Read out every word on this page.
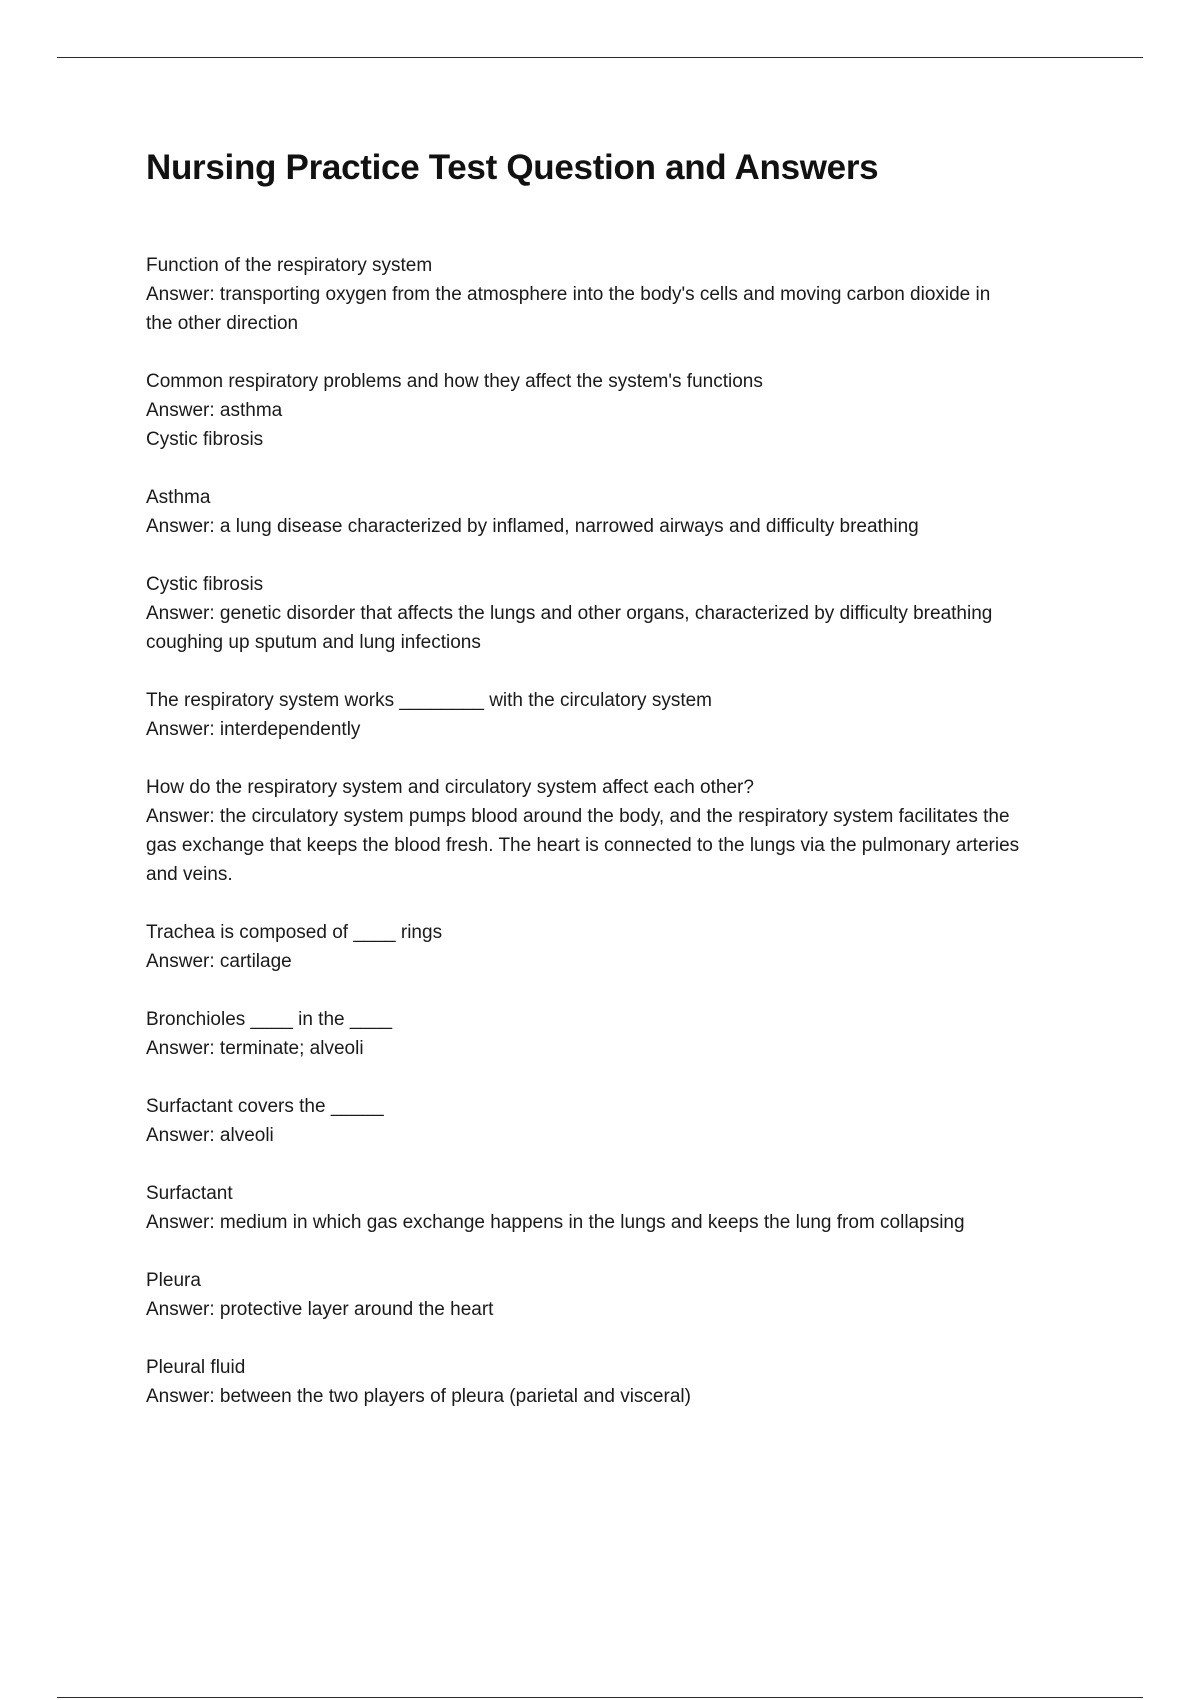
Nursing Practice Test Question and Answers
Function of the respiratory system
Answer: transporting oxygen from the atmosphere into the body's cells and moving carbon dioxide in
the other direction
Common respiratory problems and how they affect the system's functions
Answer: asthma
Cystic fibrosis
Asthma
Answer: a lung disease characterized by inflamed, narrowed airways and difficulty breathing
Cystic fibrosis
Answer: genetic disorder that affects the lungs and other organs, characterized by difficulty breathing
coughing up sputum and lung infections
The respiratory system works ________ with the circulatory system
Answer: interdependently
How do the respiratory system and circulatory system affect each other?
Answer: the circulatory system pumps blood around the body, and the respiratory system facilitates the
gas exchange that keeps the blood fresh. The heart is connected to the lungs via the pulmonary arteries
and veins.
Trachea is composed of ____ rings
Answer: cartilage
Bronchioles ____ in the ____
Answer: terminate; alveoli
Surfactant covers the _____
Answer: alveoli
Surfactant
Answer: medium in which gas exchange happens in the lungs and keeps the lung from collapsing
Pleura
Answer: protective layer around the heart
Pleural fluid
Answer: between the two players of pleura (parietal and visceral)
